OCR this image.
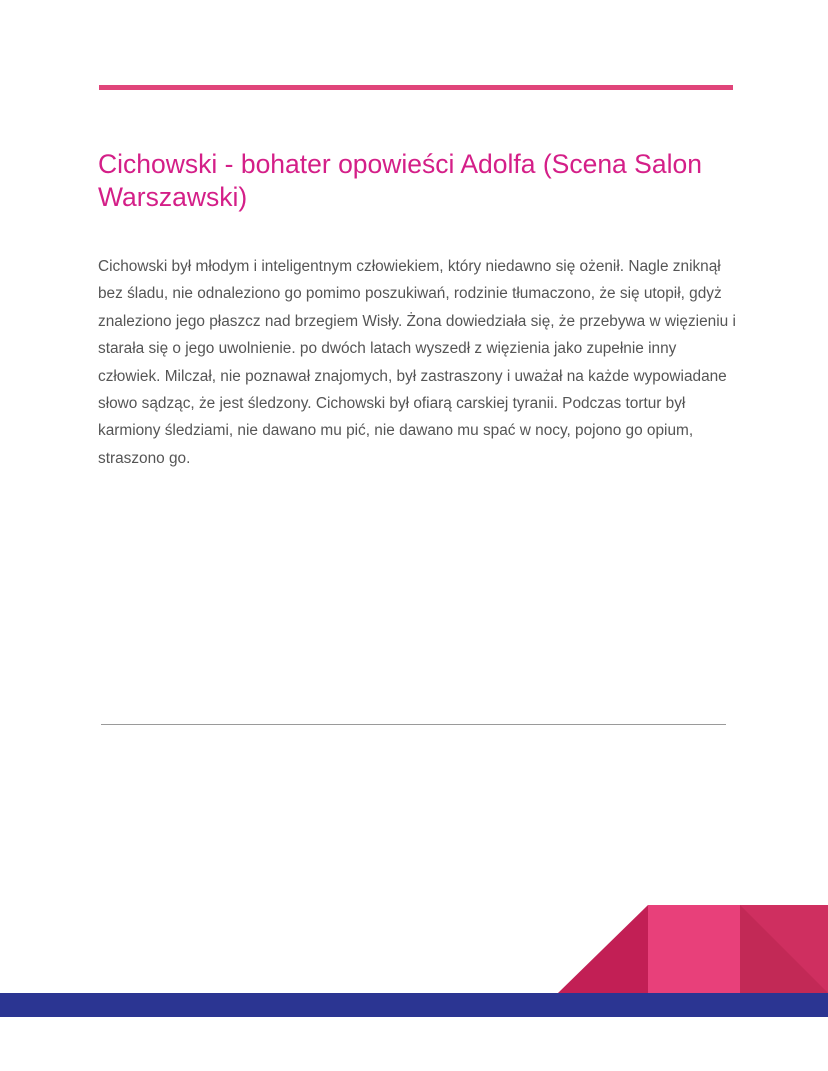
Cichowski - bohater opowieści Adolfa (Scena Salon Warszawski)

Cichowski był młodym i inteligentnym człowiekiem, który niedawno się ożenił. Nagle zniknął bez śladu, nie odnaleziono go pomimo poszukiwań, rodzinie tłumaczono, że się utopił, gdyż znaleziono jego płaszcz nad brzegiem Wisły. Żona dowiedziała się, że przebywa w więzieniu i starała się o jego uwolnienie. po dwóch latach wyszedł z więzienia jako zupełnie inny człowiek. Milczał, nie poznawał znajomych, był zastraszony i uważał na każde wypowiadane słowo sądząc, że jest śledzony. Cichowski był ofiarą carskiej tyranii. Podczas tortur był karmiony śledziami, nie dawano mu pić, nie dawano mu spać w nocy, pojono go opium, straszono go.
